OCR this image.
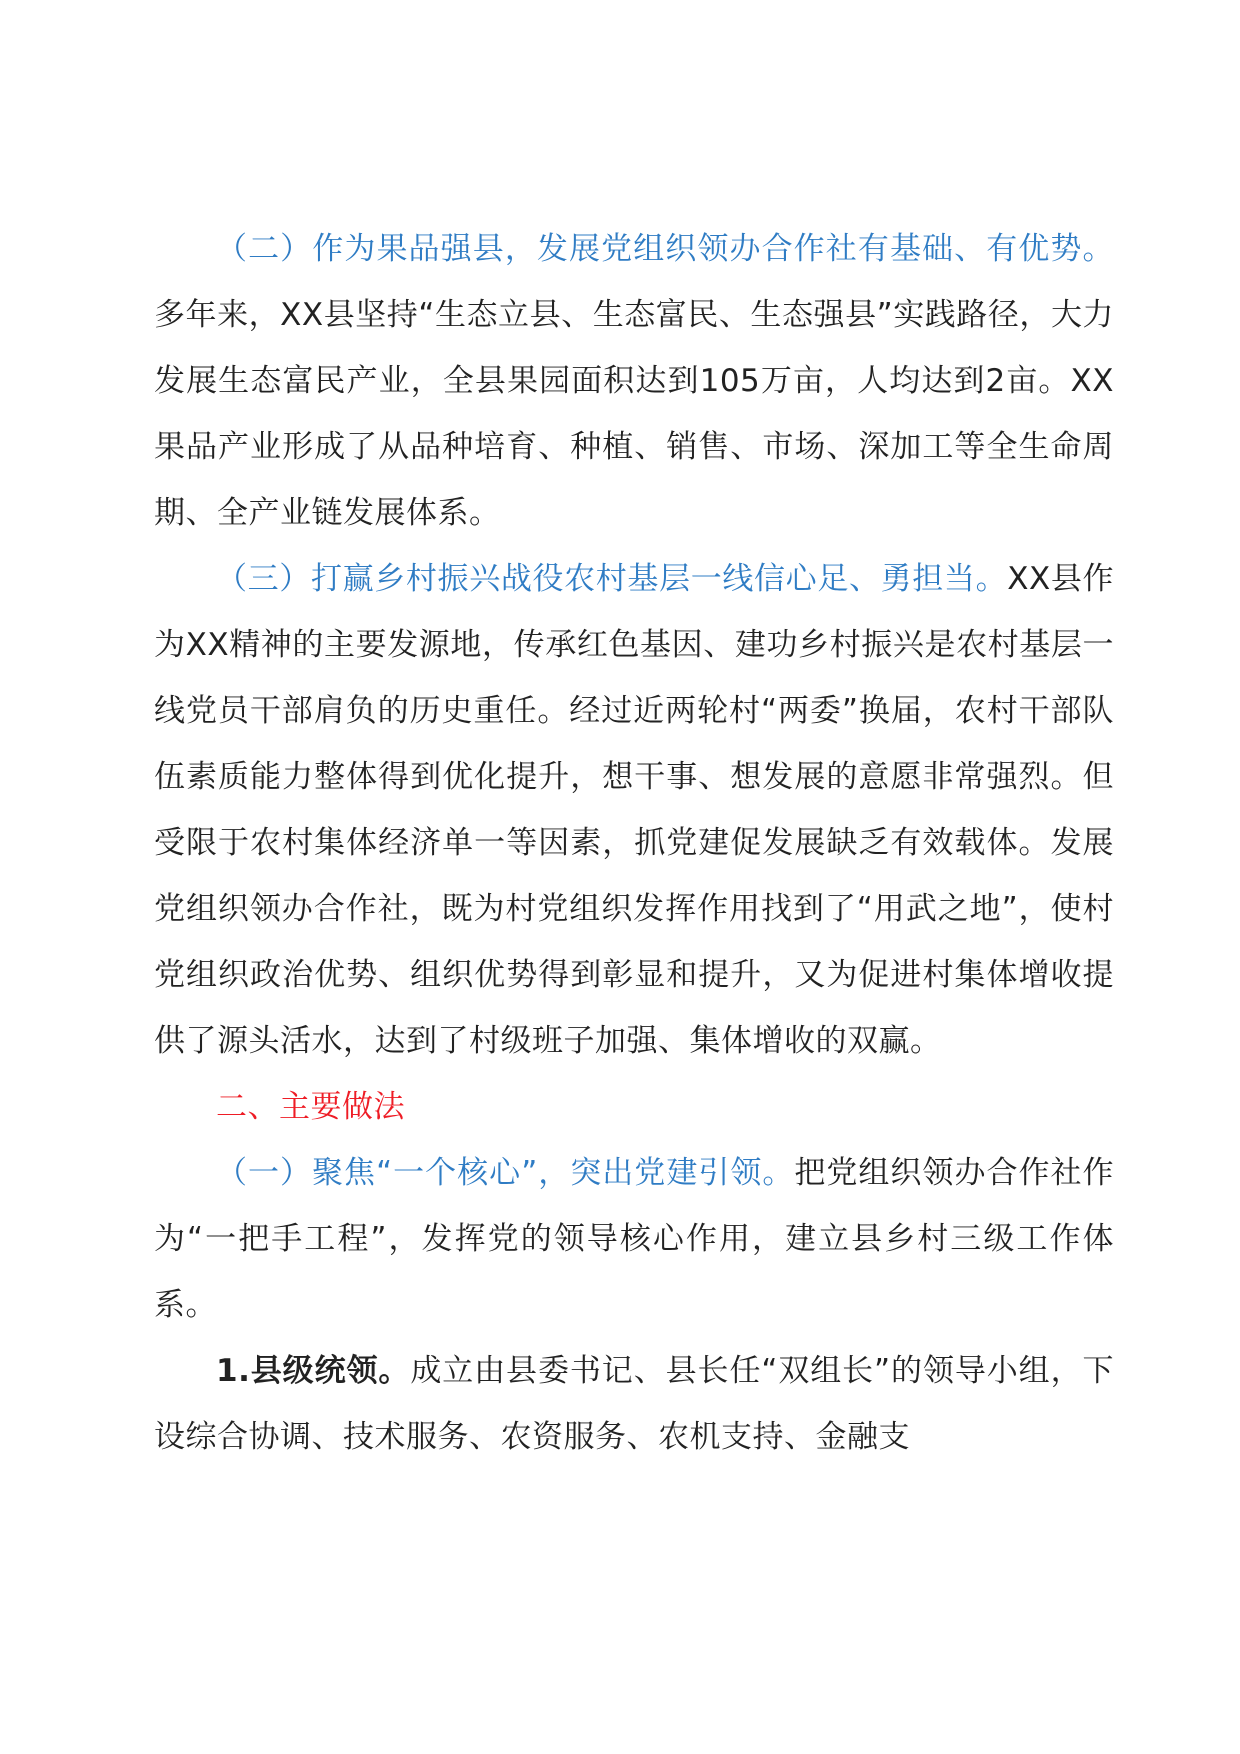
（二）作为果品强县，发展党组织领办合作社有基础、有优势。多年来，XX县坚持“生态立县、生态富民、生态强县”实践路径，大力发展生态富民产业，全县果园面积达到105万亩，人均达到2亩。XX果品产业形成了从品种培育、种植、销售、市场、深加工等全生命周期、全产业链发展体系。

（三）打赢乡村振兴战役农村基层一线信心足、勇担当。XX县作为XX精神的主要发源地，传承红色基因、建功乡村振兴是农村基层一线党员干部肩负的历史重任。经过近两轮村“两委”换届，农村干部队伍素质能力整体得到优化提升，想干事、想发展的意愿非常强烈。但受限于农村集体经济单一等因素，抓党建促发展缺乏有效载体。发展党组织领办合作社，既为村党组织发挥作用找到了“用武之地”，使村党组织政治优势、组织优势得到彰显和提升，又为促进村集体增收提供了源头活水，达到了村级班子加强、集体增收的双赢。

二、主要做法

（一）聚焦“一个核心”，突出党建引领。把党组织领办合作社作为“一把手工程”，发挥党的领导核心作用，建立县乡村三级工作体系。

1.县级统领。成立由县委书记、县长任“双组长”的领导小组，下设综合协调、技术服务、农资服务、农机支持、金融支
